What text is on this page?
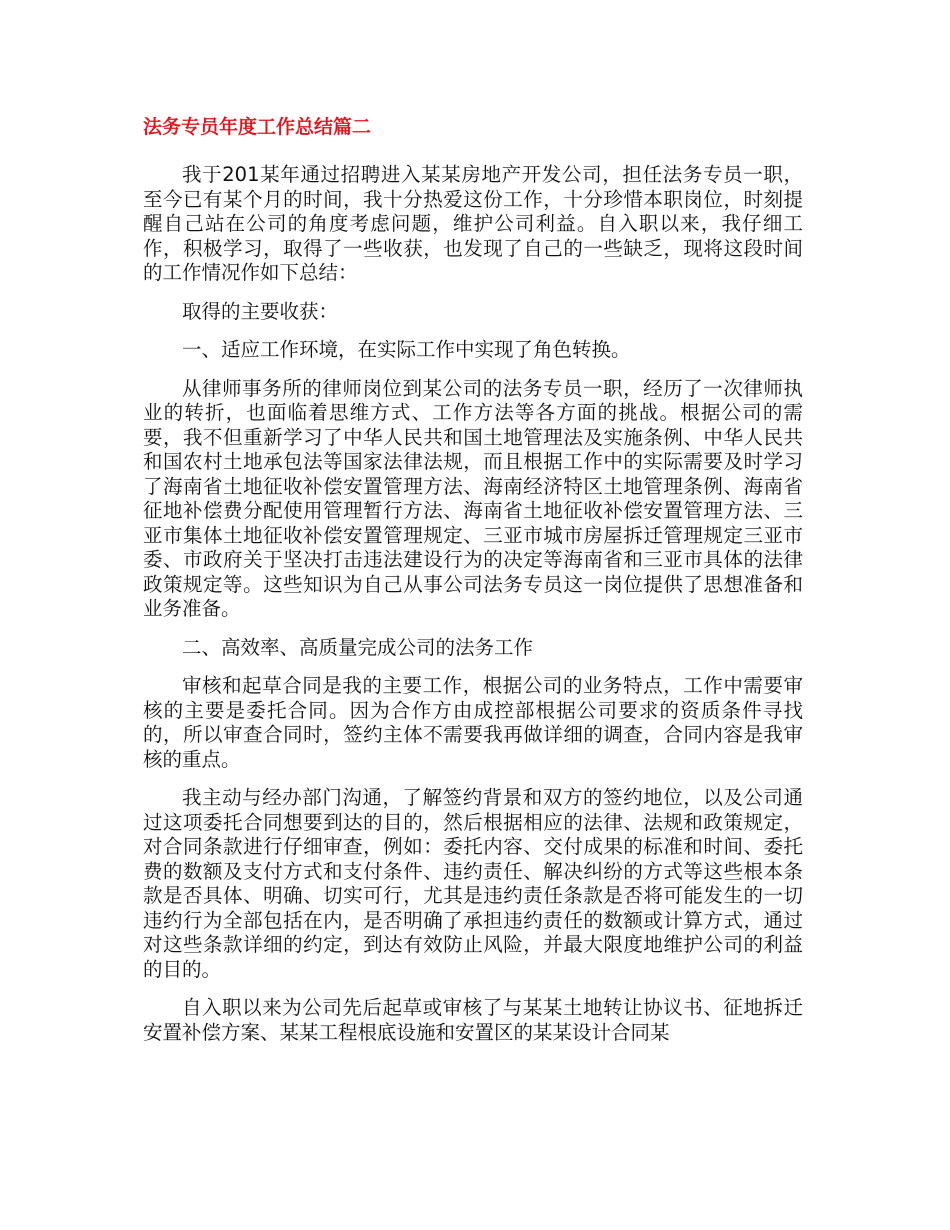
法务专员年度工作总结篇二

我于201某年通过招聘进入某某房地产开发公司，担任法务专员一职，至今已有某个月的时间，我十分热爱这份工作，十分珍惜本职岗位，时刻提醒自己站在公司的角度考虑问题，维护公司利益。自入职以来，我仔细工作，积极学习，取得了一些收获，也发现了自己的一些缺乏，现将这段时间的工作情况作如下总结：

取得的主要收获：

一、适应工作环境，在实际工作中实现了角色转换。

从律师事务所的律师岗位到某公司的法务专员一职，经历了一次律师执业的转折，也面临着思维方式、工作方法等各方面的挑战。根据公司的需要，我不但重新学习了中华人民共和国土地管理法及实施条例、中华人民共和国农村土地承包法等国家法律法规，而且根据工作中的实际需要及时学习了海南省土地征收补偿安置管理方法、海南经济特区土地管理条例、海南省征地补偿费分配使用管理暂行方法、海南省土地征收补偿安置管理方法、三亚市集体土地征收补偿安置管理规定、三亚市城市房屋拆迁管理规定三亚市委、市政府关于坚决打击违法建设行为的决定等海南省和三亚市具体的法律政策规定等。这些知识为自己从事公司法务专员这一岗位提供了思想准备和业务准备。

二、高效率、高质量完成公司的法务工作

审核和起草合同是我的主要工作，根据公司的业务特点，工作中需要审核的主要是委托合同。因为合作方由成控部根据公司要求的资质条件寻找的，所以审查合同时，签约主体不需要我再做详细的调查，合同内容是我审核的重点。

我主动与经办部门沟通，了解签约背景和双方的签约地位，以及公司通过这项委托合同想要到达的目的，然后根据相应的法律、法规和政策规定，对合同条款进行仔细审查，例如：委托内容、交付成果的标准和时间、委托费的数额及支付方式和支付条件、违约责任、解决纠纷的方式等这些根本条款是否具体、明确、切实可行，尤其是违约责任条款是否将可能发生的一切违约行为全部包括在内，是否明确了承担违约责任的数额或计算方式，通过对这些条款详细的约定，到达有效防止风险，并最大限度地维护公司的利益的目的。

自入职以来为公司先后起草或审核了与某某土地转让协议书、征地拆迁安置补偿方案、某某工程根底设施和安置区的某某设计合同某
